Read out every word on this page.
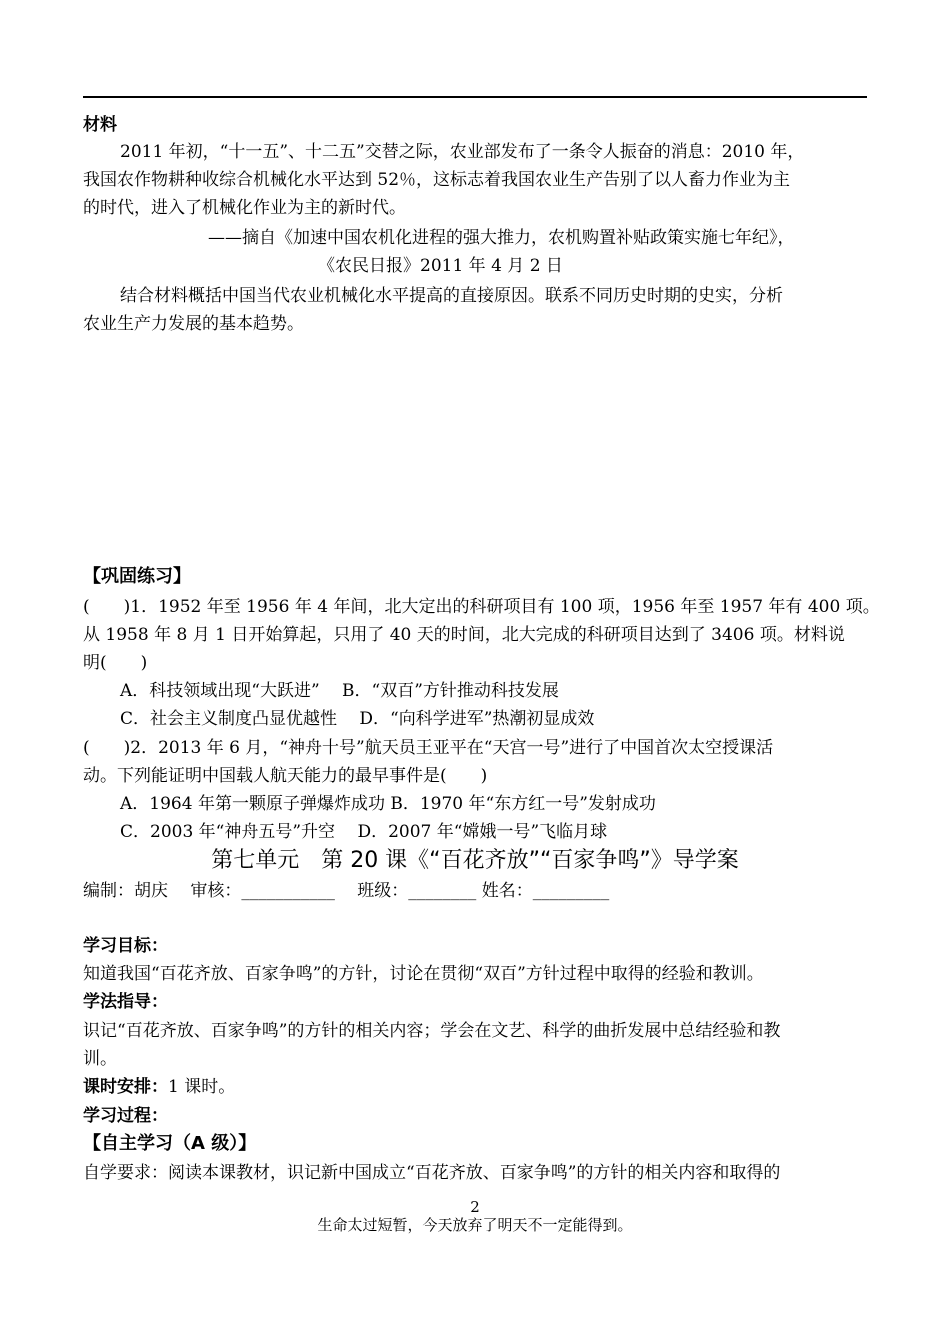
材料
2011 年初，“十一五”、十二五”交替之际，农业部发布了一条令人振奋的消息：2010 年，
我国农作物耕种收综合机械化水平达到 52％，这标志着我国农业生产告别了以人畜力作业为主
的时代，进入了机械化作业为主的新时代。
——摘自《加速中国农机化进程的强大推力，农机购置补贴政策实施七年纪》，
《农民日报》2011 年 4 月 2 日
结合材料概括中国当代农业机械化水平提高的直接原因。联系不同历史时期的史实，分析
农业生产力发展的基本趋势。
【巩固练习】
(　　)1．1952 年至 1956 年 4 年间，北大定出的科研项目有 100 项，1956 年至 1957 年有 400 项。
从 1958 年 8 月 1 日开始算起，只用了 40 天的时间，北大完成的科研项目达到了 3406 项。材料说
明(　　)
A．科技领域出现“大跃进”　 B．“双百”方针推动科技发展
C．社会主义制度凸显优越性　 D．“向科学进军”热潮初显成效
(　　)2．2013 年 6 月，“神舟十号”航天员王亚平在“天宫一号”进行了中国首次太空授课活
动。下列能证明中国载人航天能力的最早事件是(　　)
A．1964 年第一颗原子弹爆炸成功 B．1970 年“东方红一号”发射成功
C．2003 年“神舟五号”升空　 D．2007 年“嫦娥一号”飞临月球
第七单元　第 20 课《“百花齐放”“百家争鸣”》导学案
编制：胡庆　 审核：___________　 班级：________ 姓名：_________
学习目标：
知道我国“百花齐放、百家争鸣”的方针，讨论在贯彻“双百”方针过程中取得的经验和教训。
学法指导：
识记“百花齐放、百家争鸣”的方针的相关内容；学会在文艺、科学的曲折发展中总结经验和教
训。
课时安排：1 课时。
学习过程：
【自主学习（A 级）】
自学要求：阅读本课教材，识记新中国成立“百花齐放、百家争鸣”的方针的相关内容和取得的
2
生命太过短暂，今天放弃了明天不一定能得到。
